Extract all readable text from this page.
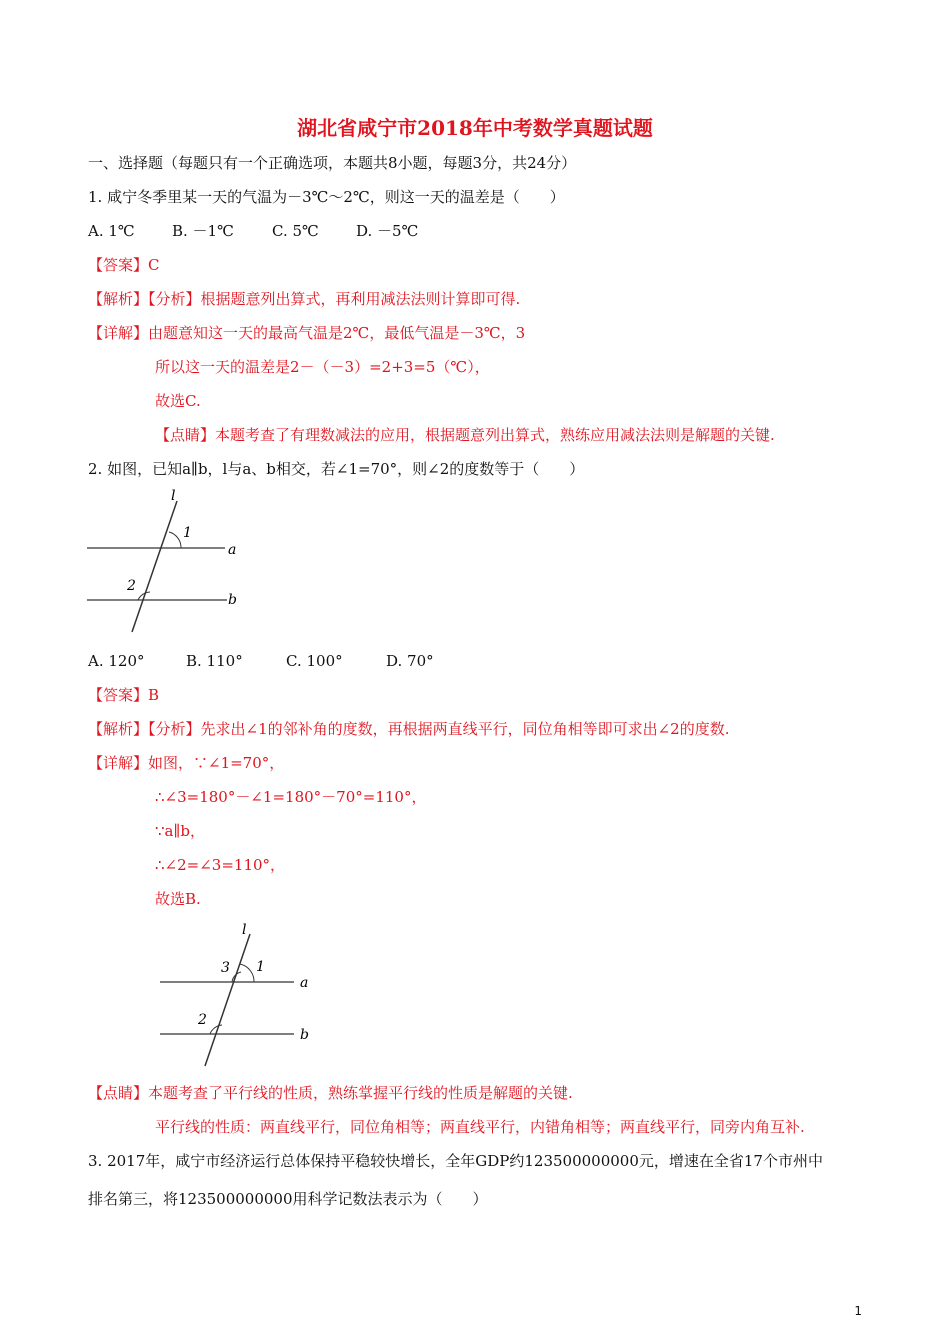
湖北省咸宁市2018年中考数学真题试题
一、选择题（每题只有一个正确选项，本题共8小题，每题3分，共24分）
1. 咸宁冬季里某一天的气温为－3℃～2℃，则这一天的温差是（　　）
A. 1℃ B. －1℃	C. 5℃ D. －5℃
【答案】C
【解析】【分析】根据题意列出算式，再利用减法法则计算即可得.
【详解】由题意知这一天的最高气温是2℃，最低气温是－3℃，3
所以这一天的温差是2－（－3）=2+3=5（℃），
故选C.
【点睛】本题考查了有理数减法的应用，根据题意列出算式，熟练应用减法法则是解题的关键.
2. 如图，已知a∥b，l与a、b相交，若∠1=70°，则∠2的度数等于（　　）
l
1
a
2
b
A. 120°	B. 110°	C. 100°	D. 70°
【答案】B
【解析】【分析】先求出∠1的邻补角的度数，再根据两直线平行，同位角相等即可求出∠2的度数.
【详解】如图，∵∠1=70°，
∴∠3=180°－∠1=180°－70°=110°，
∵a∥b，
∴∠2=∠3=110°，
故选B.
l
3 1
a
2
b
【点睛】本题考查了平行线的性质，熟练掌握平行线的性质是解题的关键.
平行线的性质：两直线平行，同位角相等；两直线平行，内错角相等；两直线平行，同旁内角互补.
3. 2017年，咸宁市经济运行总体保持平稳较快增长，全年GDP约123500000000元，增速在全省17个市州中
排名第三，将123500000000用科学记数法表示为（　　）
1
